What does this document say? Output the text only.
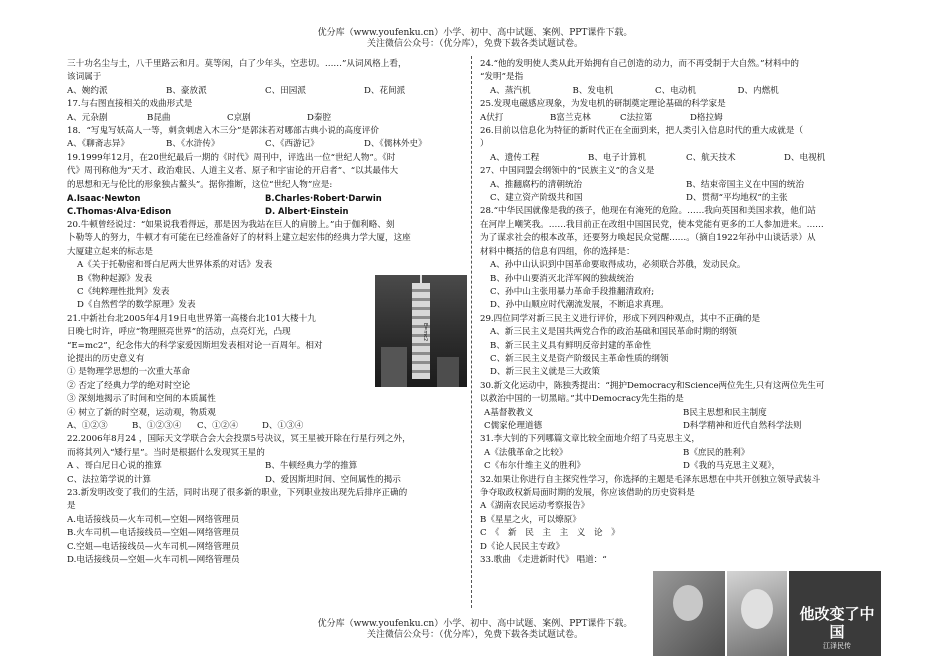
优分库（www.youfenku.cn）小学、初中、高中试题、案例、PPT课件下载。
关注微信公众号：（优分库），免费下载各类试题试卷。
三十功名尘与土，八千里路云和月。莫等闲，白了少年头，空悲切。……”从词风格上看，
该词属于
A、婉约派	B、豪放派	C、田园派	D、花间派
17.与右图直接相关的戏曲形式是
A、元杂剧	B昆曲	C京剧	D秦腔
18．“写鬼写妖高人一等，刺贪刺虐入木三分”是郭沫若对哪部古典小说的高度评价
A、《聊斋志异》	B、《水浒传》	C、《西游记》	D、《儒林外史》
19.1999年12月，在20世纪最后一期的《时代》周刊中，评选出一位“世纪人物”。《时
代》周刊称他为“天才、政治难民、人道主义者、原子和宇宙论的开启者”、“以其最伟大
的思想和无与伦比的形象独占鳌头”。据你推断，这位“世纪人物”应是:
A.Isaac·Newton	B.Charles·Robert·Darwin
C.Thomas·Alva·Edison	D. Albert·Einstein
20.牛顿曾经说过：“如果说我看得远，那是因为我站在巨人的肩膀上。”由于伽利略、刻
卜勒等人的努力，牛顿才有可能在已经准备好了的材料上建立起宏伟的经典力学大厦，这座
大厦建立起来的标志是
A《关于托勒密和哥白尼两大世界体系的对话》发表
B《物种起源》发表
C《纯粹理性批判》发表
D《自然哲学的数学原理》发表
21.中新社台北2005年4月19日电世界第一高楼台北101大楼十九
日晚七时许，呼应“物理照亮世界”的活动，点亮灯光，凸现
“E=mc2”，纪念伟大的科学家爱因斯坦发表相对论一百周年。相对
论提出的历史意义有
① 是物理学思想的一次重大革命
② 否定了经典力学的绝对时空论
③ 深刻地揭示了时间和空间的本质属性
④ 树立了新的时空观，运动观，物质观
A、①②③	B、①②③④	C、①②④	D、①③④
22.2006年8月24 ，国际天文学联合会大会投票5号决议，冥王星被开除在行星行列之外，
而将其列入“矮行星”。当时是根据什么发现冥王星的
A 、哥白尼日心说的推算	B、牛顿经典力学的推算
C、法拉第学说的计算	D、爱因斯坦时间、空间属性的揭示
23.新发明改变了我们的生活，同时出现了很多新的职业，下列职业按出现先后排序正确的
是
A.电话接线员—火车司机—空姐—网络管理员
B.火车司机—电话接线员—空姐—网络管理员
C.空姐—电话接线员—火车司机—网络管理员
D.电话接线员—空姐—火车司机—网络管理员
E=mc2
24.“他的发明使人类从此开始拥有自己创造的动力，而不再受制于大自然。”材料中的
“发明”是指
A、蒸汽机	B、发电机	C、电动机	D、内燃机
25.发现电磁感应现象，为发电机的研制奠定理论基础的科学家是
A伏打	B富兰克林	C法拉第	D格拉姆
26.目前以信息化为特征的新时代正在全面到来，把人类引入信息时代的重大成就是（
）
A、遗传工程	B、电子计算机	C、航天技术	D、电视机
27、中国同盟会纲领中的“民族主义”的含义是
A、推翻腐朽的清朝统治	B、结束帝国主义在中国的统治
C、建立资产阶级共和国	D、贯彻“平均地权”的主张
28.“中华民国就像是我的孩子，他现在有淹死的危险。……我向英国和美国求救，他们站
在河岸上嘲笑我。……我目前正在改组中国国民党，使本党能有更多的工人参加进来。……
为了谋求社会的根本改革，还要努力唤起民众觉醒……。（摘自1922年孙中山谈话录）从
材料中概括的信息有四组，你的选择是：
A、孙中山认识到中国革命要取得成功，必须联合苏俄，发动民众。
B、孙中山要消灭北洋军阀的独裁统治
C、孙中山主张用暴力革命手段推翻清政府;
D、孙中山顺应时代潮流发展，不断追求真理。
29.四位同学对新三民主义进行评价，形成下列四种观点，其中不正确的是
A、新三民主义是国共两党合作的政治基础和国民革命时期的纲领
B、新三民主义具有鲜明反帝封建的革命性
C、新三民主义是资产阶级民主革命性质的纲领
D、新三民主义就是三大政策
30.新文化运动中，陈独秀提出：“拥护Democracy和Science两位先生,只有这两位先生可
以救治中国的一切黑暗。”其中Democracy先生指的是
A基督教教义	B民主思想和民主制度
C儒家伦理道德	D科学精神和近代自然科学法则
31.李大钊的下列哪篇文章比较全面地介绍了马克思主义，
A《法俄革命之比较》	B《庶民的胜利》
C《布尔什维主义的胜利》	D《我的马克思主义观》，
32.如果让你进行自主探究性学习，你选择的主题是毛泽东思想在中共开创独立领导武装斗
争夺取政权新局面时期的发展，你应该借助的历史资料是
A《湖南农民运动考察报告》
B《星星之火，可以燎原》
C　《　新　民　主　主　义　论　》
D《论人民民主专政》
33.歌曲 《走进新时代》 唱道：“
他改变了中国
江泽民传
优分库（www.youfenku.cn）小学、初中、高中试题、案例、PPT课件下载。
关注微信公众号：（优分库），免费下载各类试题试卷。
